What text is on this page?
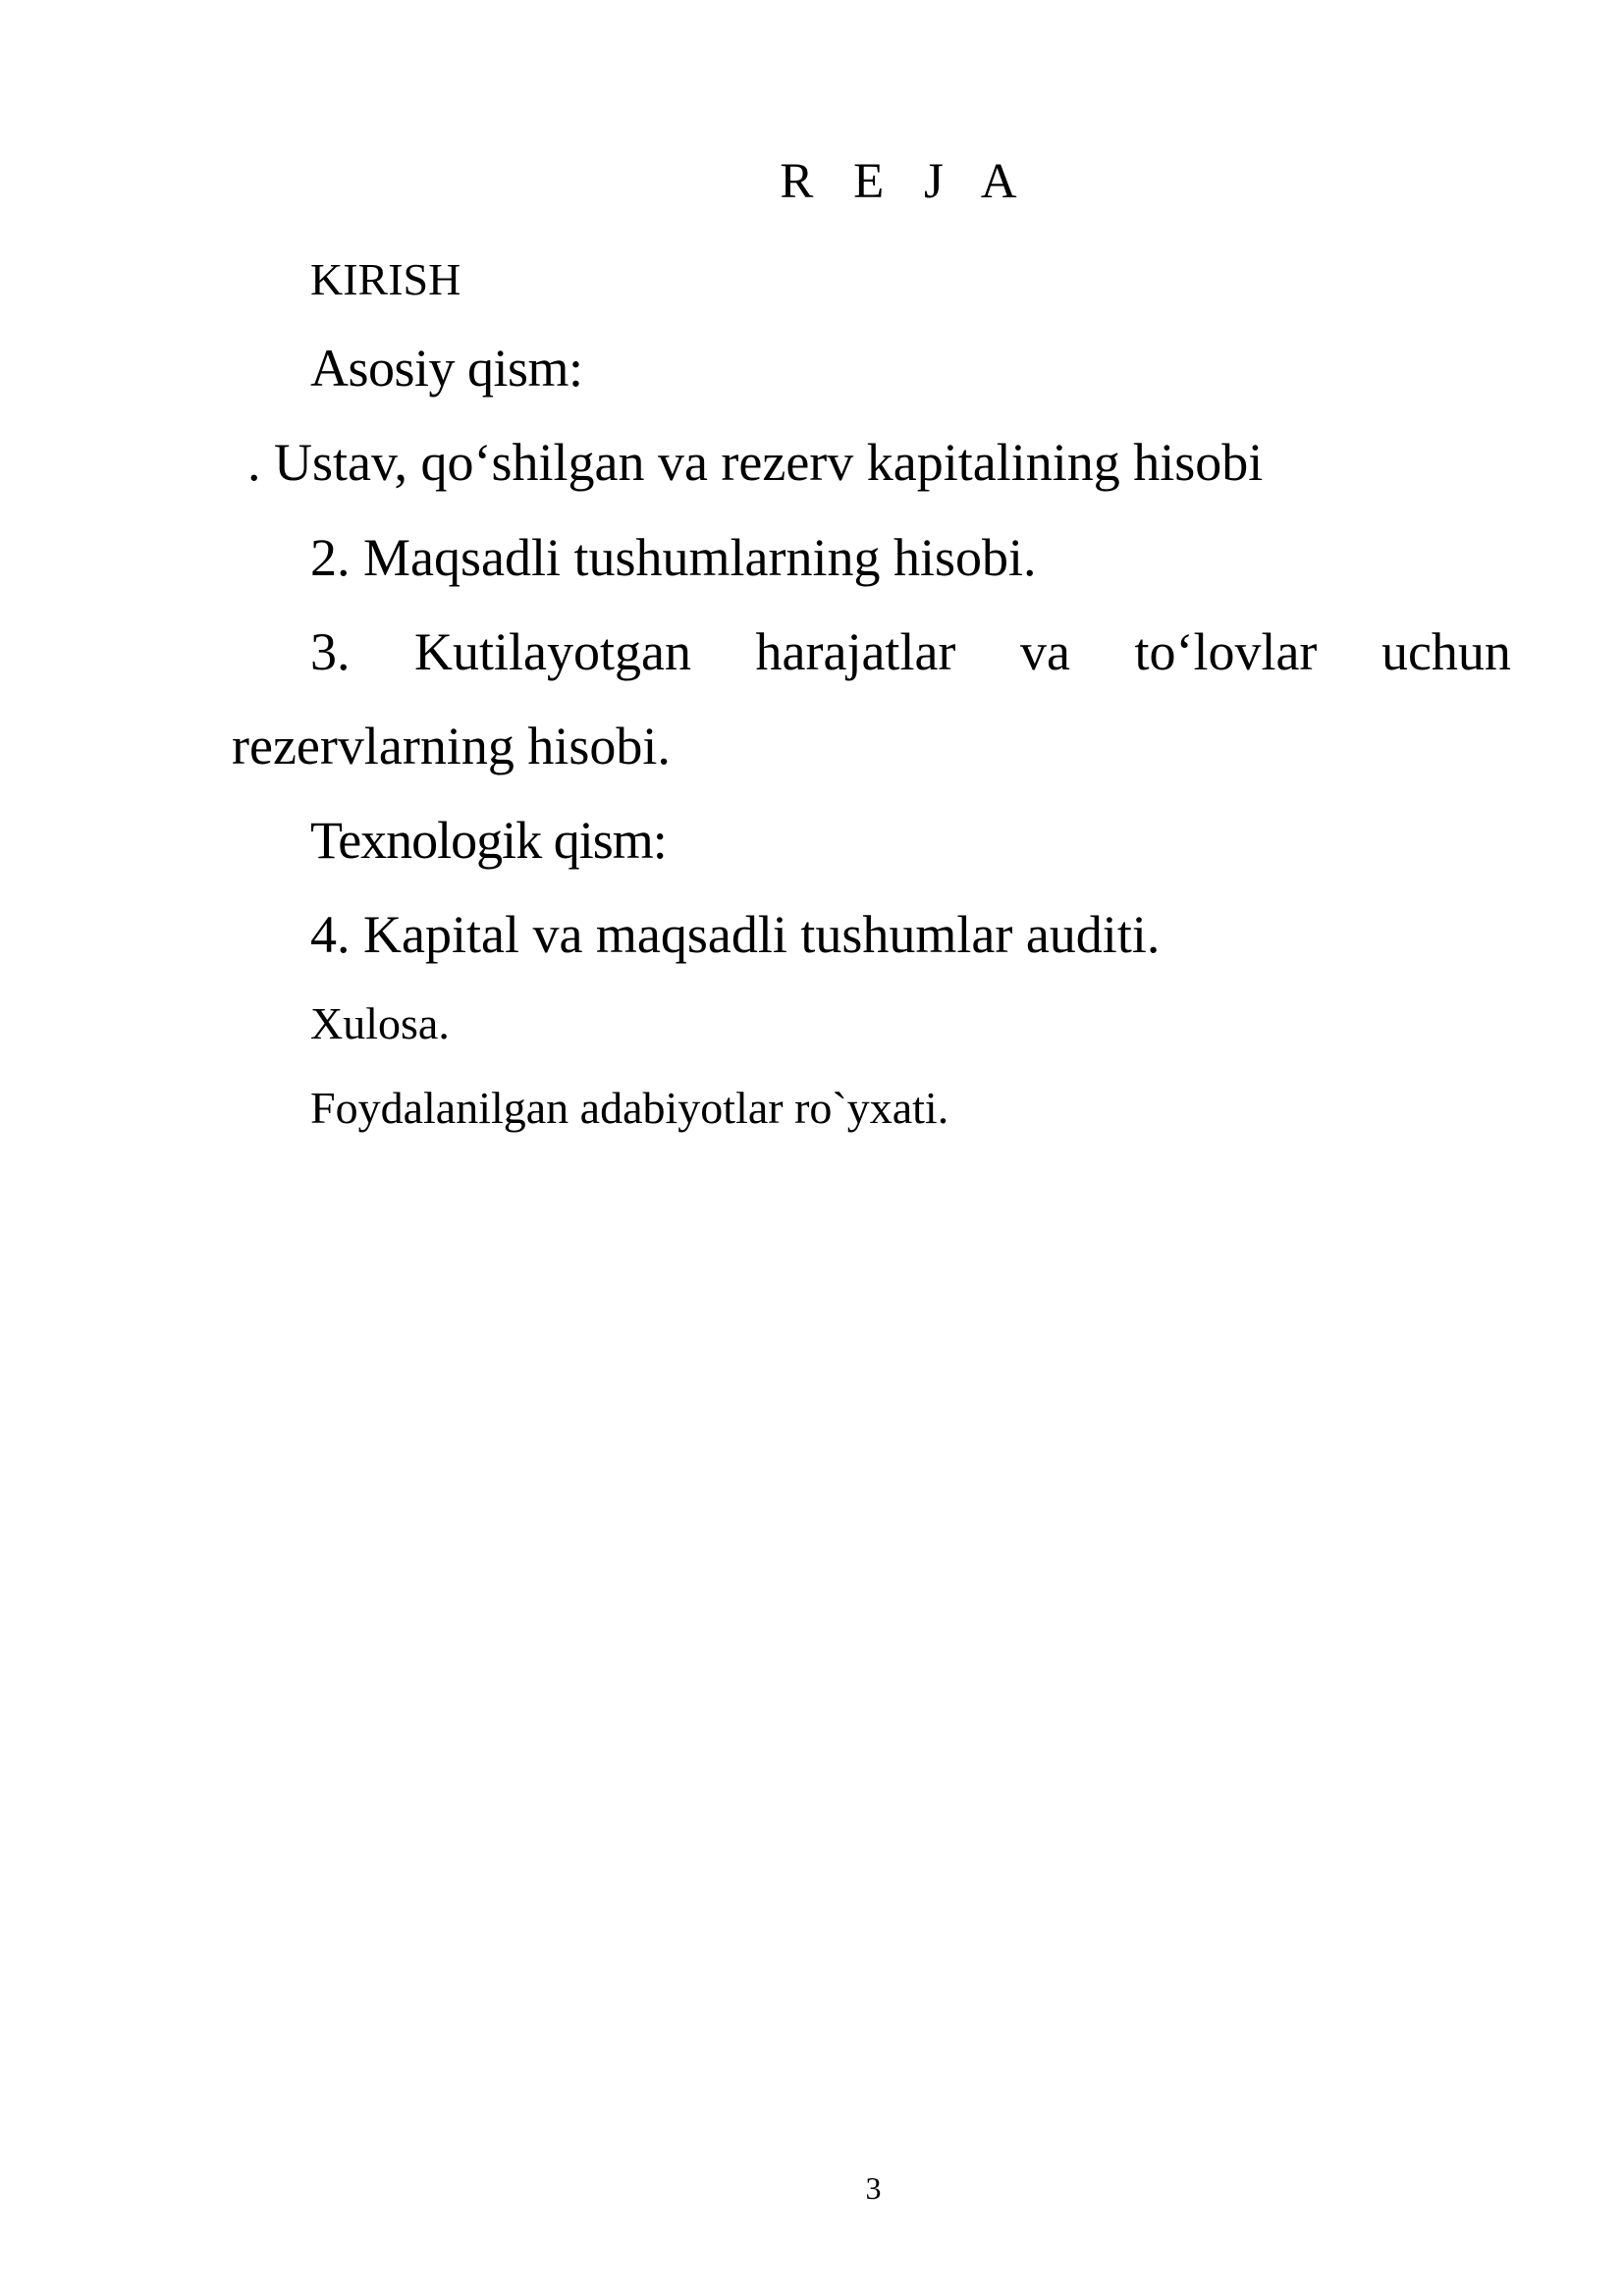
R E J A
KIRISH
Asosiy qism:
. Ustav, qo‘shilgan va rezerv kapitalining hisobi
2. Maqsadli tushumlarning hisobi.
3. Kutilayotgan harajatlar va to‘lovlar uchun
rezervlarning hisobi.
Texnologik qism:
4. Kapital va maqsadli tushumlar auditi.
Xulosa.
Foydalanilgan adabiyotlar ro`yxati.
3
